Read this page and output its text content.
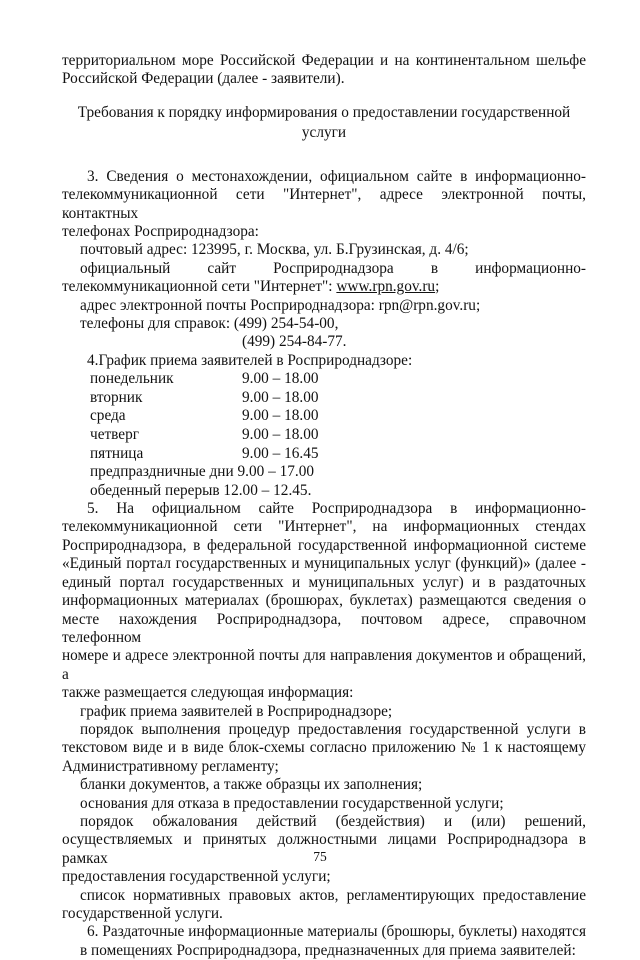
территориальном море Российской Федерации и на континентальном шельфе

Российской Федерации (далее - заявители).

Требования к порядку информирования о предоставлении государственной
услуги

3. Сведения о местонахождении, официальном сайте в информационно-

телекоммуникационной сети "Интернет", адресе электронной почты, контактных

телефонах Росприроднадзора:

почтовый адрес: 123995, г. Москва, ул. Б.Грузинская, д. 4/6;

официальный сайт Росприроднадзора в информационно-

телекоммуникационной сети "Интернет": www.rpn.gov.ru;

адрес электронной почты Росприроднадзора: rpn@rpn.gov.ru;

телефоны для справок: (499) 254-54-00,

(499) 254-84-77.

4.График приема заявителей в Росприроднадзоре:

понедельник	9.00 – 18.00
вторник	9.00 – 18.00
среда	9.00 – 18.00
четверг	9.00 – 18.00
пятница	9.00 – 16.45

предпраздничные дни 9.00 – 17.00

обеденный перерыв 12.00 – 12.45.

5. На официальном сайте Росприроднадзора в информационно-

телекоммуникационной сети "Интернет", на информационных стендах

Росприроднадзора, в федеральной государственной информационной системе

«Единый портал государственных и муниципальных услуг (функций)» (далее -

единый портал государственных и муниципальных услуг) и в раздаточных

информационных материалах (брошюрах, буклетах) размещаются сведения о

месте нахождения Росприроднадзора, почтовом адресе, справочном телефонном

номере и адресе электронной почты для направления документов и обращений, а

также размещается следующая информация:

график приема заявителей в Росприроднадзоре;

порядок выполнения процедур предоставления государственной услуги в

текстовом виде и в виде блок-схемы согласно приложению № 1 к настоящему

Административному регламенту;

бланки документов, а также образцы их заполнения;

основания для отказа в предоставлении государственной услуги;

порядок обжалования действий (бездействия) и (или) решений,

осуществляемых и принятых должностными лицами Росприроднадзора в рамках

предоставления государственной услуги;

список нормативных правовых актов, регламентирующих предоставление

государственной услуги.

6. Раздаточные информационные материалы (брошюры, буклеты) находятся

в помещениях Росприроднадзора, предназначенных для приема заявителей:

75
